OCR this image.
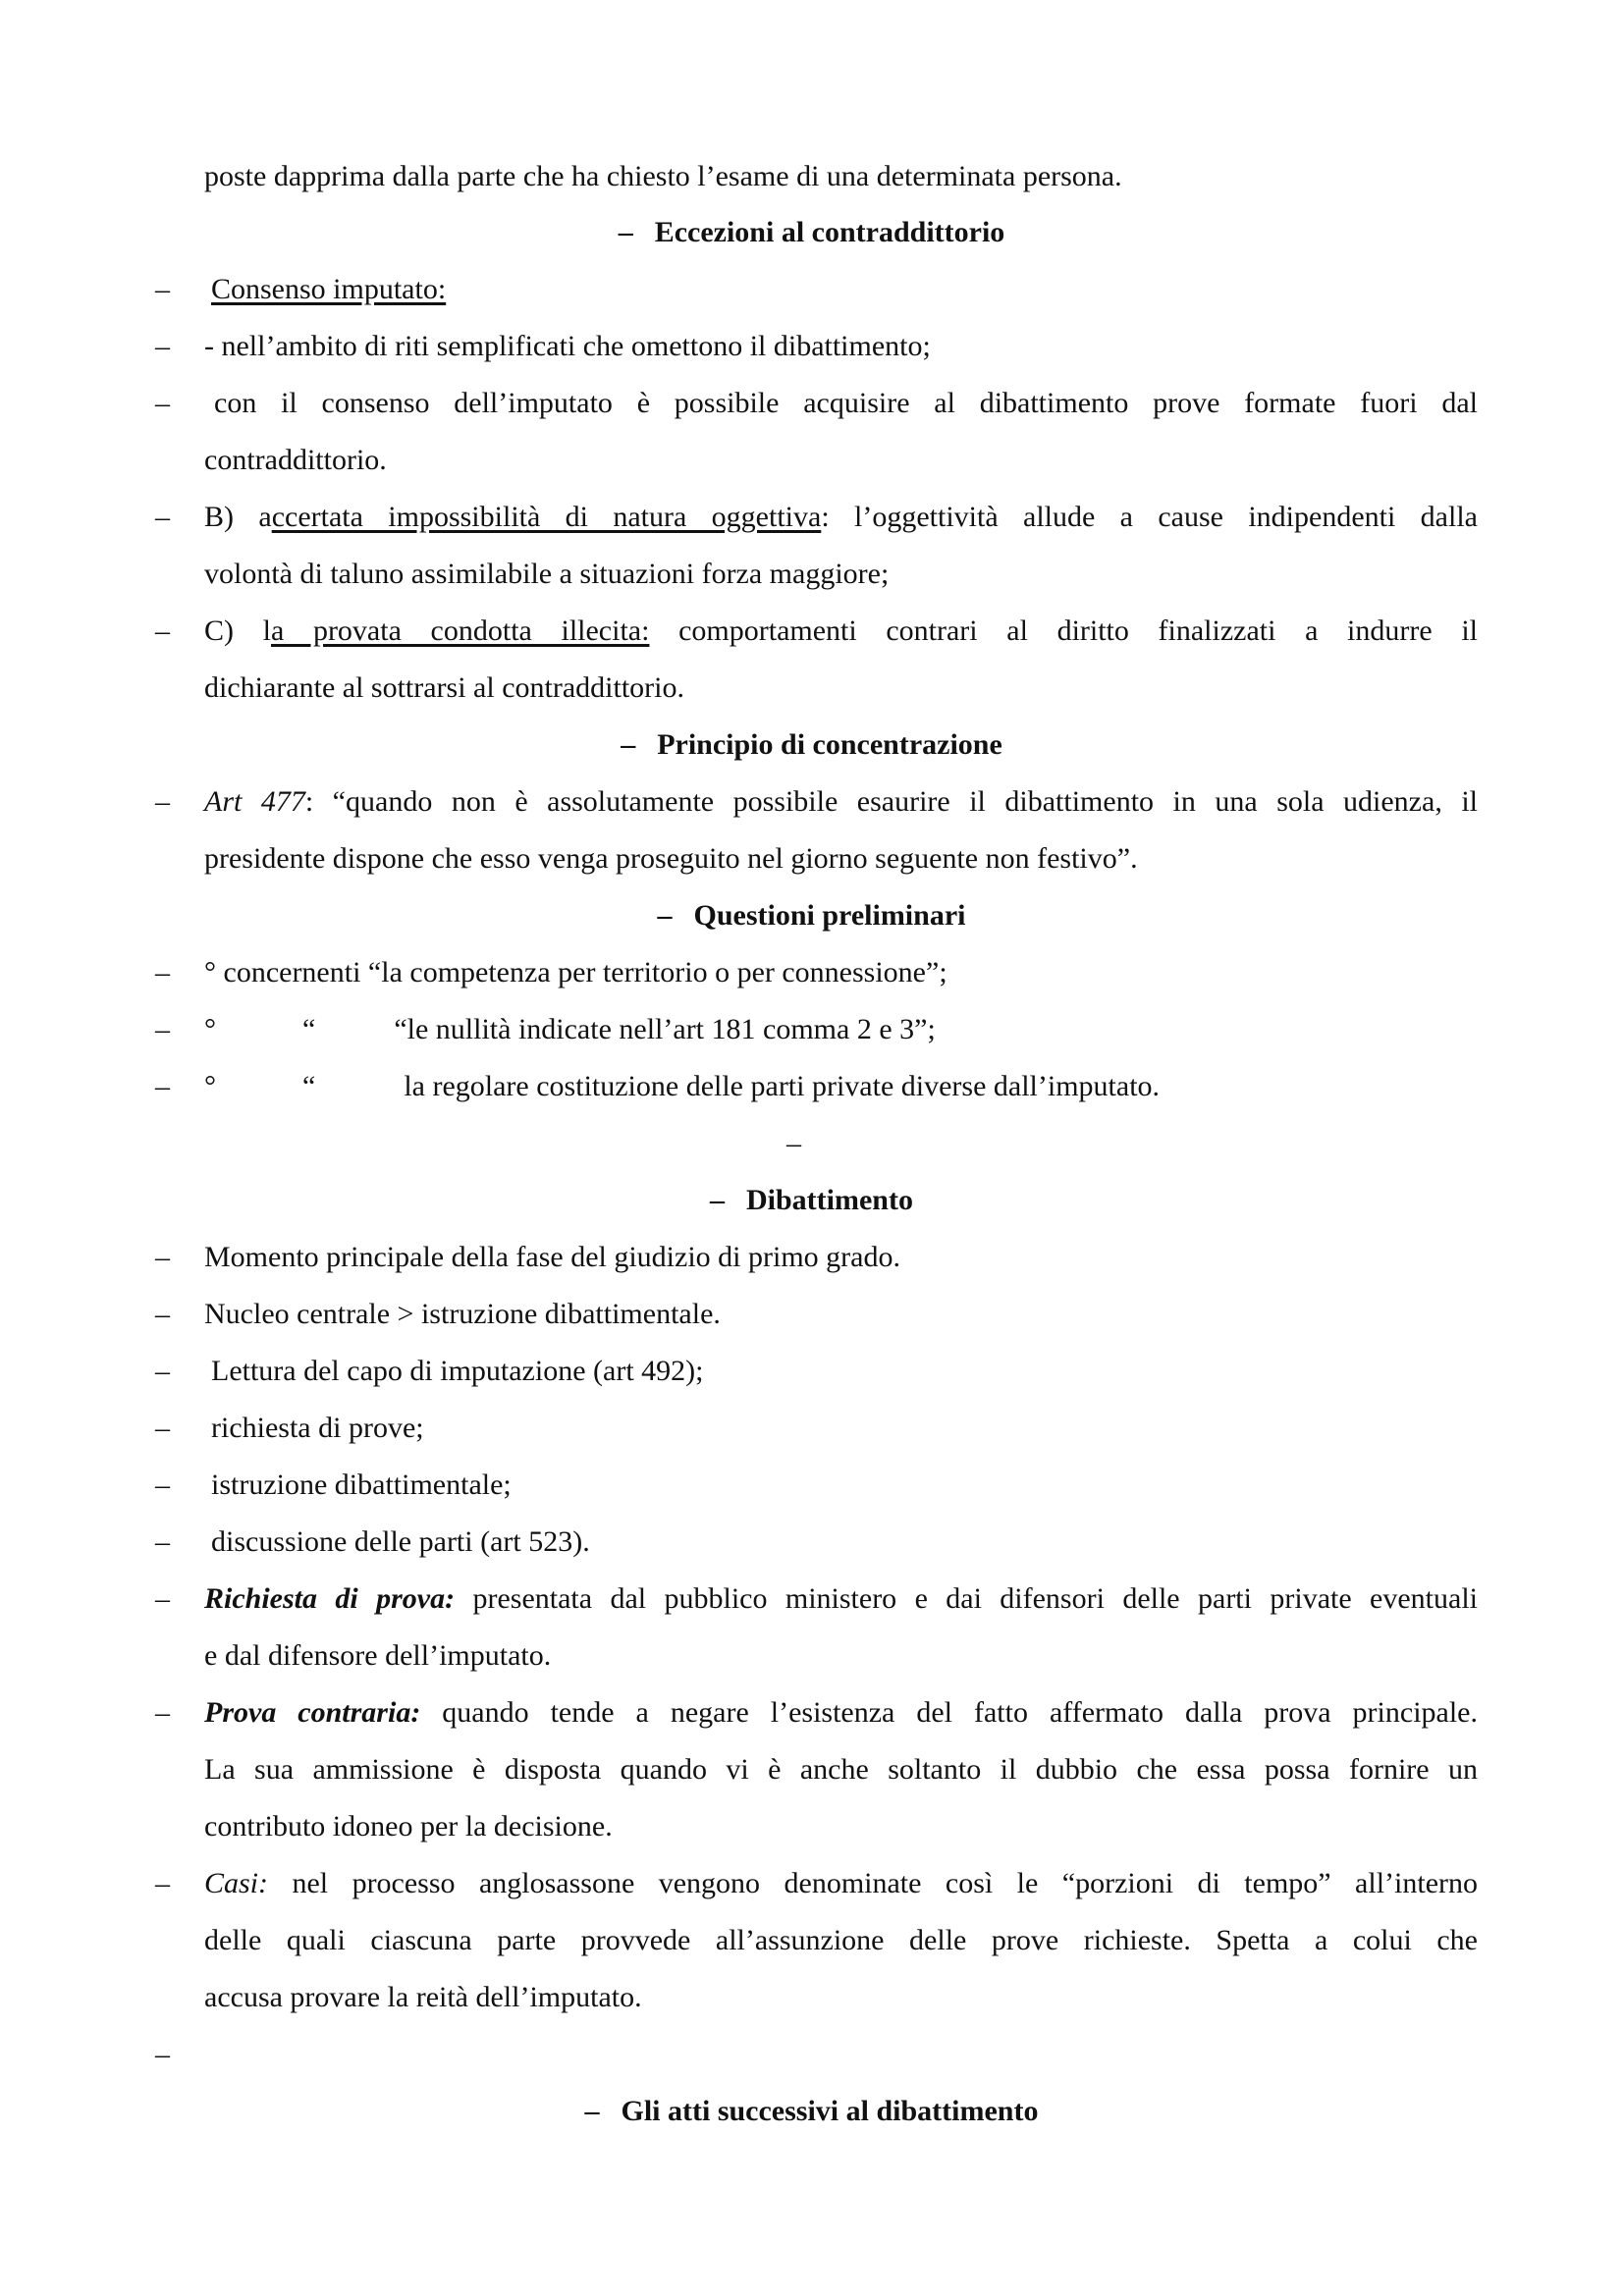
poste dapprima dalla parte che ha chiesto l’esame di una determinata persona.
– Eccezioni al contraddittorio
– Consenso imputato:
– - nell’ambito di riti semplificati che omettono il dibattimento;
– con il consenso dell’imputato è possibile acquisire al dibattimento prove formate fuori dal
contraddittorio.
– B) accertata impossibilità di natura oggettiva: l’oggettività allude a cause indipendenti dalla
volontà di taluno assimilabile a situazioni forza maggiore;
– C) la provata condotta illecita: comportamenti contrari al diritto finalizzati a indurre il
dichiarante al sottrarsi al contraddittorio.
– Principio di concentrazione
– Art 477: “quando non è assolutamente possibile esaurire il dibattimento in una sola udienza, il
presidente dispone che esso venga proseguito nel giorno seguente non festivo”.
– Questioni preliminari
– ° concernenti “la competenza per territorio o per connessione”;
– °	“	“le nullità indicate nell’art 181 comma 2 e 3”;
– °	“	la regolare costituzione delle parti private diverse dall’imputato.
–
– Dibattimento
– Momento principale della fase del giudizio di primo grado.
– Nucleo centrale > istruzione dibattimentale.
– Lettura del capo di imputazione (art 492);
– richiesta di prove;
– istruzione dibattimentale;
– discussione delle parti (art 523).
– Richiesta di prova: presentata dal pubblico ministero e dai difensori delle parti private eventuali
e dal difensore dell’imputato.
– Prova contraria: quando tende a negare l’esistenza del fatto affermato dalla prova principale.
La sua ammissione è disposta quando vi è anche soltanto il dubbio che essa possa fornire un
contributo idoneo per la decisione.
– Casi: nel processo anglosassone vengono denominate così le “porzioni di tempo” all’interno
delle quali ciascuna parte provvede all’assunzione delle prove richieste. Spetta a colui che
accusa provare la reità dell’imputato.
–
– Gli atti successivi al dibattimento
